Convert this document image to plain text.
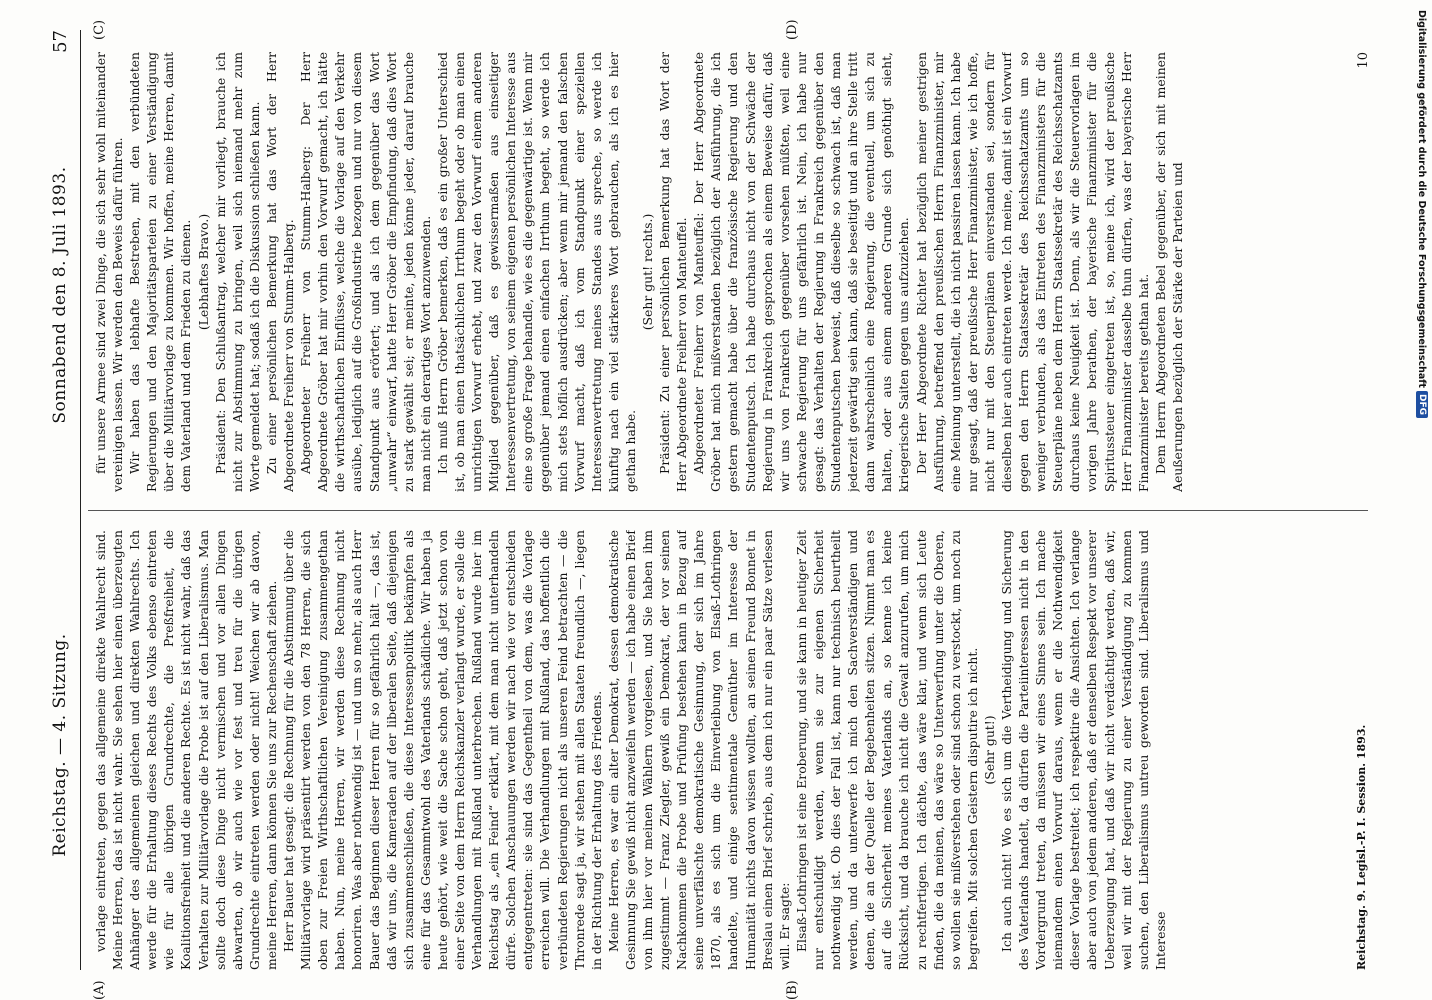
Reichstag. — 4. Sitzung.
Sonnabend den 8. Juli 1893.
57
(A)	(B)
(C)	(D)

vorlage eintreten, gegen das allgemeine direkte Wahlrecht sind. Meine Herren, das ist nicht wahr. Sie sehen hier einen überzeugten Anhänger des allgemeinen gleichen und direkten Wahlrechts. Ich werde für die Erhaltung dieses Rechts des Volks ebenso eintreten wie für alle übrigen Grundrechte, die Preßfreiheit, die Koalitionsfreiheit und die anderen Rechte. Es ist nicht wahr, daß das Verhalten zur Militärvorlage die Probe ist auf den Liberalismus. Man sollte doch diese Dinge nicht vermischen und vor allen Dingen abwarten, ob wir auch wie vor fest und treu für die übrigen Grundrechte eintreten werden oder nicht! Weichen wir ab davon, meine Herren, dann können Sie uns zur Rechenschaft ziehen. Herr Bauer hat gesagt: die Rechnung für die Abstimmung über die Militärvorlage wird präsentirt werden von den 78 Herren, die sich oben zur Freien Wirthschaftlichen Vereinigung zusammengethan haben. Nun, meine Herren, wir werden diese Rechnung nicht honoriren. Was aber nothwendig ist — und um so mehr, als auch Herr Bauer das Beginnen dieser Herren für so gefährlich hält —, das ist, daß wir uns, die Kameraden auf der liberalen Seite, daß diejenigen sich zusammenschließen, die diese Interessenpolitik bekämpfen als eine für das Gesammtwohl des Vaterlands schädliche. Wir haben ja heute gehört, wie weit die Sache schon geht, daß jetzt schon von einer Seite von dem Herrn Reichskanzler verlangt wurde, er solle die Verhandlungen mit Rußland unterbrechen. Rußland wurde hier im Reichstag als „ein Feind“ erklärt, mit dem man nicht unterhandeln dürfe. Solchen Anschauungen werden wir nach wie vor entschieden entgegentreten: sie sind das Gegentheil von dem, was die Vorlage erreichen will. Die Verhandlungen mit Rußland, das hoffentlich die verbündeten Regierungen nicht als unseren Feind betrachten — die Thronrede sagt ja, wir stehen mit allen Staaten freundlich —, liegen in der Richtung der Erhaltung des Friedens. Meine Herren, es war ein alter Demokrat, dessen demokratische Gesinnung Sie gewiß nicht anzweifeln werden — ich habe einen Brief von ihm hier vor meinen Wählern vorgelesen, und Sie haben ihm zugestimmt — Franz Ziegler, gewiß ein Demokrat, der vor seinen Nachkommen die Probe und Prüfung bestehen kann in Bezug auf seine unverfälschte demokratische Gesinnung, der sich im Jahre 1870, als es sich um die Einverleibung von Elsaß-Lothringen handelte, und einige sentimentale Gemüther im Interesse der Humanität nichts davon wissen wollten, an seinen Freund Bonnet in Breslau einen Brief schrieb, aus dem ich nur ein paar Sätze verlesen will. Er sagte: Elsaß-Lothringen ist eine Eroberung, und sie kann in heutiger Zeit nur entschuldigt werden, wenn sie zur eigenen Sicherheit nothwendig ist. Ob dies der Fall ist, kann nur technisch beurtheilt werden, und da unterwerfe ich mich den Sachverständigen und denen, die an der Quelle der Begebenheiten sitzen. Nimmt man es auf die Sicherheit meines Vaterlands an, so kenne ich keine Rücksicht, und da brauche ich nicht die Gewalt anzurufen, um mich zu rechtfertigen. Ich dächte, das wäre klar, und wenn sich Leute finden, die da meinen, das wäre so Unterwerfung unter die Oberen, so wollen sie mißverstehen oder sind schon zu verstockt, um noch zu begreifen. Mit solchen Geistern disputire ich nicht. (Sehr gut!) Ich auch nicht! Wo es sich um die Vertheidigung und Sicherung des Vaterlands handelt, da dürfen die Parteiinteressen nicht in den Vordergrund treten, da müssen wir eines Sinnes sein. Ich mache niemandem einen Vorwurf daraus, wenn er die Nothwendigkeit dieser Vorlage bestreitet; ich respektire die Ansichten. Ich verlange aber auch von jedem anderen, daß er denselben Respekt vor unserer Ueberzeugung hat, und daß wir nicht verdächtigt werden, daß wir, weil wir mit der Regierung zu einer Verständigung zu kommen suchen, den Liberalismus untreu geworden sind. Liberalismus und Interesse

für unsere Armee sind zwei Dinge, die sich sehr wohl miteinander vereinigen lassen. Wir werden den Beweis dafür führen. Wir haben das lebhafte Bestreben, mit den verbündeten Regierungen und den Majoritätsparteien zu einer Verständigung über die Militärvorlage zu kommen. Wir hoffen, meine Herren, damit dem Vaterland und dem Frieden zu dienen. (Lebhaftes Bravo.) Präsident: Den Schlußantrag, welcher mir vorliegt, brauche ich nicht zur Abstimmung zu bringen, weil sich niemand mehr zum Worte gemeldet hat; sodaß ich die Diskussion schließen kann. Zu einer persönlichen Bemerkung hat das Wort der Herr Abgeordnete Freiherr von Stumm-Halberg. Abgeordneter Freiherr von Stumm-Halberg: Der Herr Abgeordnete Gröber hat mir vorhin den Vorwurf gemacht, ich hätte die wirthschaftlichen Einflüsse, welche die Vorlage auf den Verkehr ausübe, lediglich auf die Großindustrie bezogen und nur von diesem Standpunkt aus erörtert; und als ich dem gegenüber das Wort „unwahr“ einwarf, hatte Herr Gröber die Empfindung, daß dies Wort zu stark gewählt sei; er meinte, jeden könne jeder, darauf brauche man nicht ein derartiges Wort anzuwenden. Ich muß Herrn Gröber bemerken, daß es ein großer Unterschied ist, ob man einen thatsächlichen Irrthum begeht oder ob man einen unrichtigen Vorwurf erhebt, und zwar den Vorwurf einem anderen Mitglied gegenüber, daß es gewissermaßen aus einseitiger Interessenvertretung, von seinem eigenen persönlichen Interesse aus eine so große Frage behandle, wie es die gegenwärtige ist. Wenn mir gegenüber jemand einen einfachen Irrthum begeht, so werde ich mich stets höflich ausdrücken; aber wenn mir jemand den falschen Vorwurf macht, daß ich vom Standpunkt einer speziellen Interessenvertretung meines Standes aus spreche, so werde ich künftig nach ein viel stärkeres Wort gebrauchen, als ich es hier gethan habe.

(Sehr gut! rechts.) Präsident: Zu einer persönlichen Bemerkung hat das Wort der Herr Abgeordnete Freiherr von Manteuffel. Abgeordneter Freiherr von Manteuffel: Der Herr Abgeordnete Gröber hat mich mißverstanden bezüglich der Ausführung, die ich gestern gemacht habe über die französische Regierung und den Studentenputsch. Ich habe durchaus nicht von der Schwäche der Regierung in Frankreich gesprochen als einem Beweise dafür, daß wir uns von Frankreich gegenüber vorsehen müßten, weil eine schwache Regierung für uns gefährlich ist. Nein, ich habe nur gesagt: das Verhalten der Regierung in Frankreich gegenüber den Studentenputschen beweist, daß dieselbe so schwach ist, daß man jederzeit gewärtig sein kann, daß sie beseitigt und an ihre Stelle tritt dann wahrscheinlich eine Regierung, die eventuell, um sich zu halten, oder aus einem anderen Grunde sich genöthigt sieht, kriegerische Saiten gegen uns aufzuziehen. Der Herr Abgeordnete Richter hat bezüglich meiner gestrigen Ausführung, betreffend den preußischen Herrn Finanzminister, mir eine Meinung unterstellt, die ich nicht passiren lassen kann. Ich habe nur gesagt, daß der preußische Herr Finanzminister, wie ich hoffe, nicht nur mit den Steuerplänen einverstanden sei, sondern für dieselben hier auch eintreten werde. Ich meine, damit ist ein Vorwurf gegen den Herrn Staatssekretär des Reichsschatzamts um so weniger verbunden, als das Eintreten des Finanzministers für die Steuerpläne neben dem Herrn Staatssekretär des Reichsschatzamts durchaus keine Neuigkeit ist. Denn, als wir die Steuervorlagen im vorigen Jahre berathen, der bayerische Finanzminister für die Spiritussteuer eingetreten ist, so, meine ich, wird der preußische Herr Finanzminister dasselbe thun dürfen, was der bayerische Herr Finanzminister bereits gethan hat. Dem Herrn Abgeordneten Bebel gegenüber, der sich mit meinen Aeußerungen bezüglich der Stärke der Parteien und

Reichstag. 9. Legisl.-P. I. Session. 1893.
10	Digitalisierung gefördert durch die Deutsche Forschungsgemeinschaft
DFG
